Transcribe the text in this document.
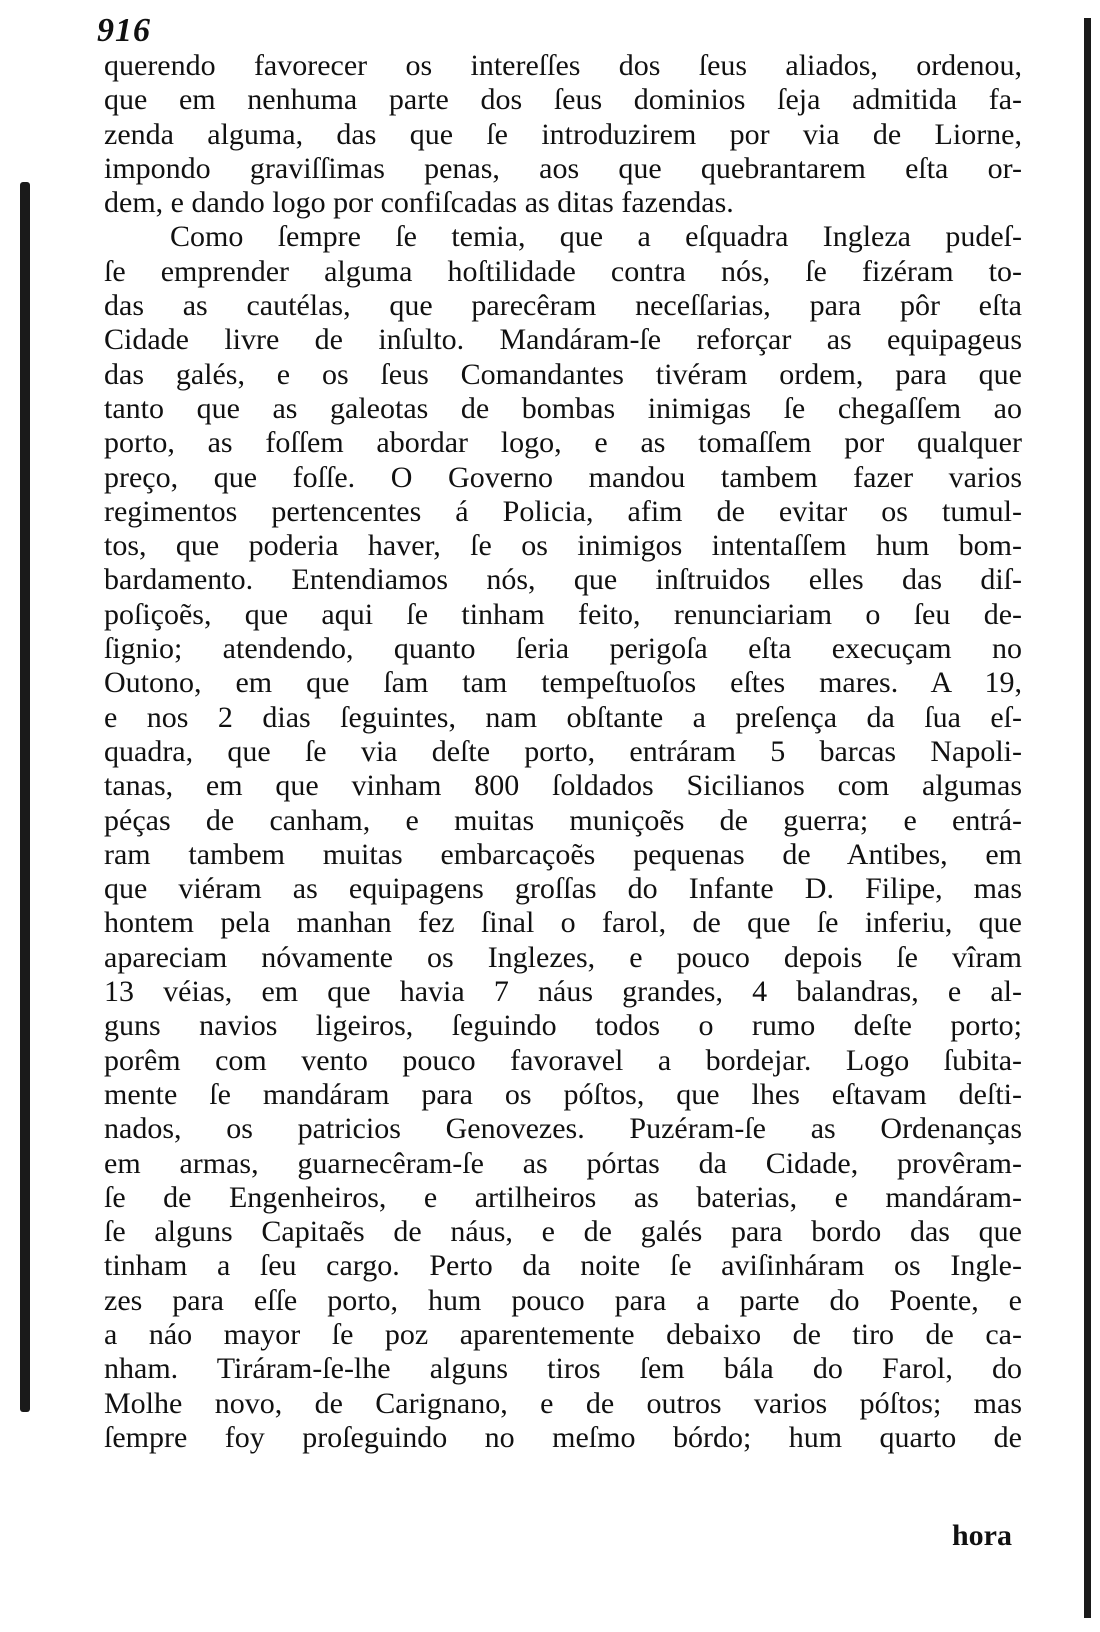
916
querendo favorecer os intereſſes dos ſeus aliados, ordenou,
que em nenhuma parte dos ſeus dominios ſeja admitida fa-
zenda alguma, das que ſe introduzirem por via de Liorne,
impondo graviſſimas penas, aos que quebrantarem eſta or-
dem, e dando logo por confiſcadas as ditas fazendas.
Como ſempre ſe temia, que a eſquadra Ingleza pudeſ-
ſe emprender alguma hoſtilidade contra nós, ſe fizéram to-
das as cautélas, que parecêram neceſſarias, para pôr eſta
Cidade livre de inſulto. Mandáram-ſe reforçar as equipageus
das galés, e os ſeus Comandantes tivéram ordem, para que
tanto que as galeotas de bombas inimigas ſe chegaſſem ao
porto, as foſſem abordar logo, e as tomaſſem por qualquer
preço, que foſſe. O Governo mandou tambem fazer varios
regimentos pertencentes á Policia, afim de evitar os tumul-
tos, que poderia haver, ſe os inimigos intentaſſem hum bom-
bardamento. Entendiamos nós, que inſtruidos elles das diſ-
poſiçoẽs, que aqui ſe tinham feito, renunciariam o ſeu de-
ſignio; atendendo, quanto ſeria perigoſa eſta execuçam no
Outono, em que ſam tam tempeſtuoſos eſtes mares. A 19,
e nos 2 dias ſeguintes, nam obſtante a preſença da ſua eſ-
quadra, que ſe via deſte porto, entráram 5 barcas Napoli-
tanas, em que vinham 800 ſoldados Sicilianos com algumas
péças de canham, e muitas muniçoẽs de guerra; e entrá-
ram tambem muitas embarcaçoẽs pequenas de Antibes, em
que viéram as equipagens groſſas do Infante D. Filipe, mas
hontem pela manhan fez ſinal o farol, de que ſe inferiu, que
apareciam nóvamente os Inglezes, e pouco depois ſe vîram
13 véias, em que havia 7 náus grandes, 4 balandras, e al-
guns navios ligeiros, ſeguindo todos o rumo deſte porto;
porêm com vento pouco favoravel a bordejar. Logo ſubita-
mente ſe mandáram para os póſtos, que lhes eſtavam deſti-
nados, os patricios Genovezes. Puzéram-ſe as Ordenanças
em armas, guarnecêram-ſe as pórtas da Cidade, provêram-
ſe de Engenheiros, e artilheiros as baterias, e mandáram-
ſe alguns Capitaẽs de náus, e de galés para bordo das que
tinham a ſeu cargo. Perto da noite ſe aviſinháram os Ingle-
zes para eſſe porto, hum pouco para a parte do Poente, e
a náo mayor ſe poz aparentemente debaixo de tiro de ca-
nham. Tiráram-ſe-lhe alguns tiros ſem bála do Farol, do
Molhe novo, de Carignano, e de outros varios póſtos; mas
ſempre foy proſeguindo no meſmo bórdo; hum quarto de
hora
